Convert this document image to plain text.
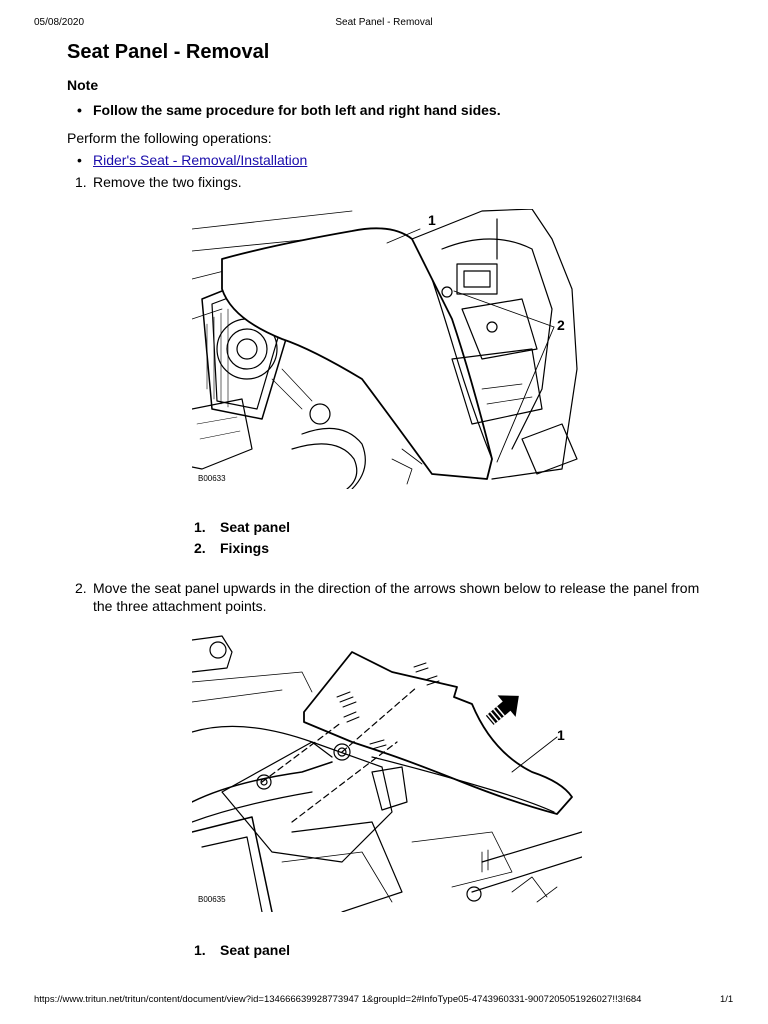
05/08/2020	Seat Panel - Removal
Seat Panel - Removal
Note
• Follow the same procedure for both left and right hand sides.
Perform the following operations:
• Rider's Seat - Removal/Installation
1. Remove the two fixings.
1
2
B00633
1. Seat panel
2. Fixings
2. Move the seat panel upwards in the direction of the arrows shown below to release the panel from the three attachment points.
1
B00635
1. Seat panel
https://www.tritun.net/tritun/content/document/view?id=134666639928773947 1&groupId=2#InfoType05-4743960331-9007205051926027!!3!684	1/1
